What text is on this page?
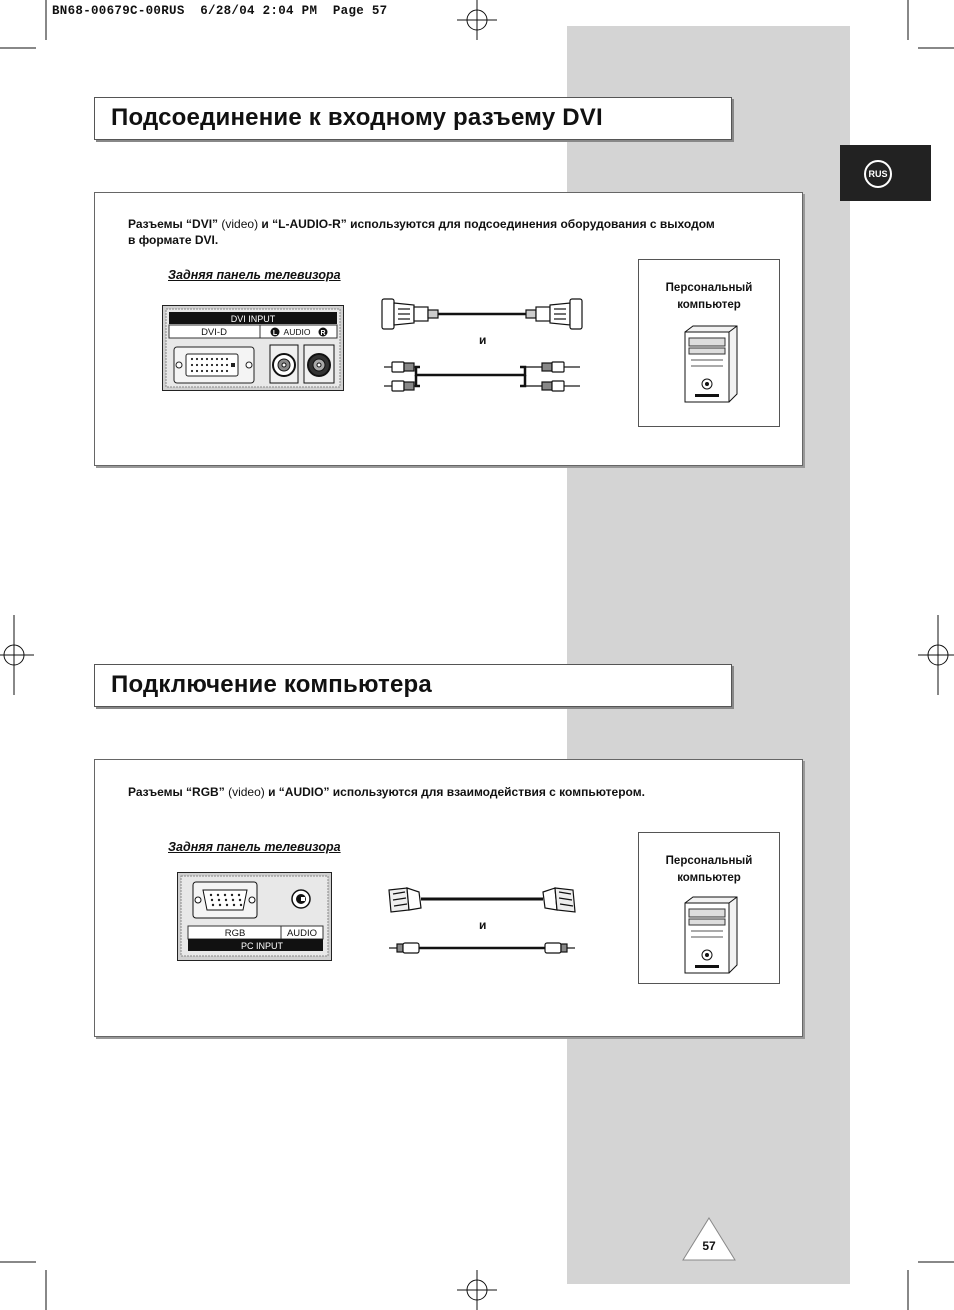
BN68-00679C-00RUS  6/28/04 2:04 PM  Page 57
RUS
Подсоединение к входному разъему DVI
Разъемы “DVI” (video) и “L-AUDIO-R” используются для подсоединения оборудования с выходом
в формате DVI.
Задняя панель телевизора
DVI INPUT
DVI-D	L AUDIO R	и
Персональный
компьютер
Подключение компьютера
Разъемы “RGB” (video) и “AUDIO” используются для взаимодействия с компьютером.
Задняя панель телевизора
RGB	AUDIO
PC INPUT
и
Персональный
компьютер
57
